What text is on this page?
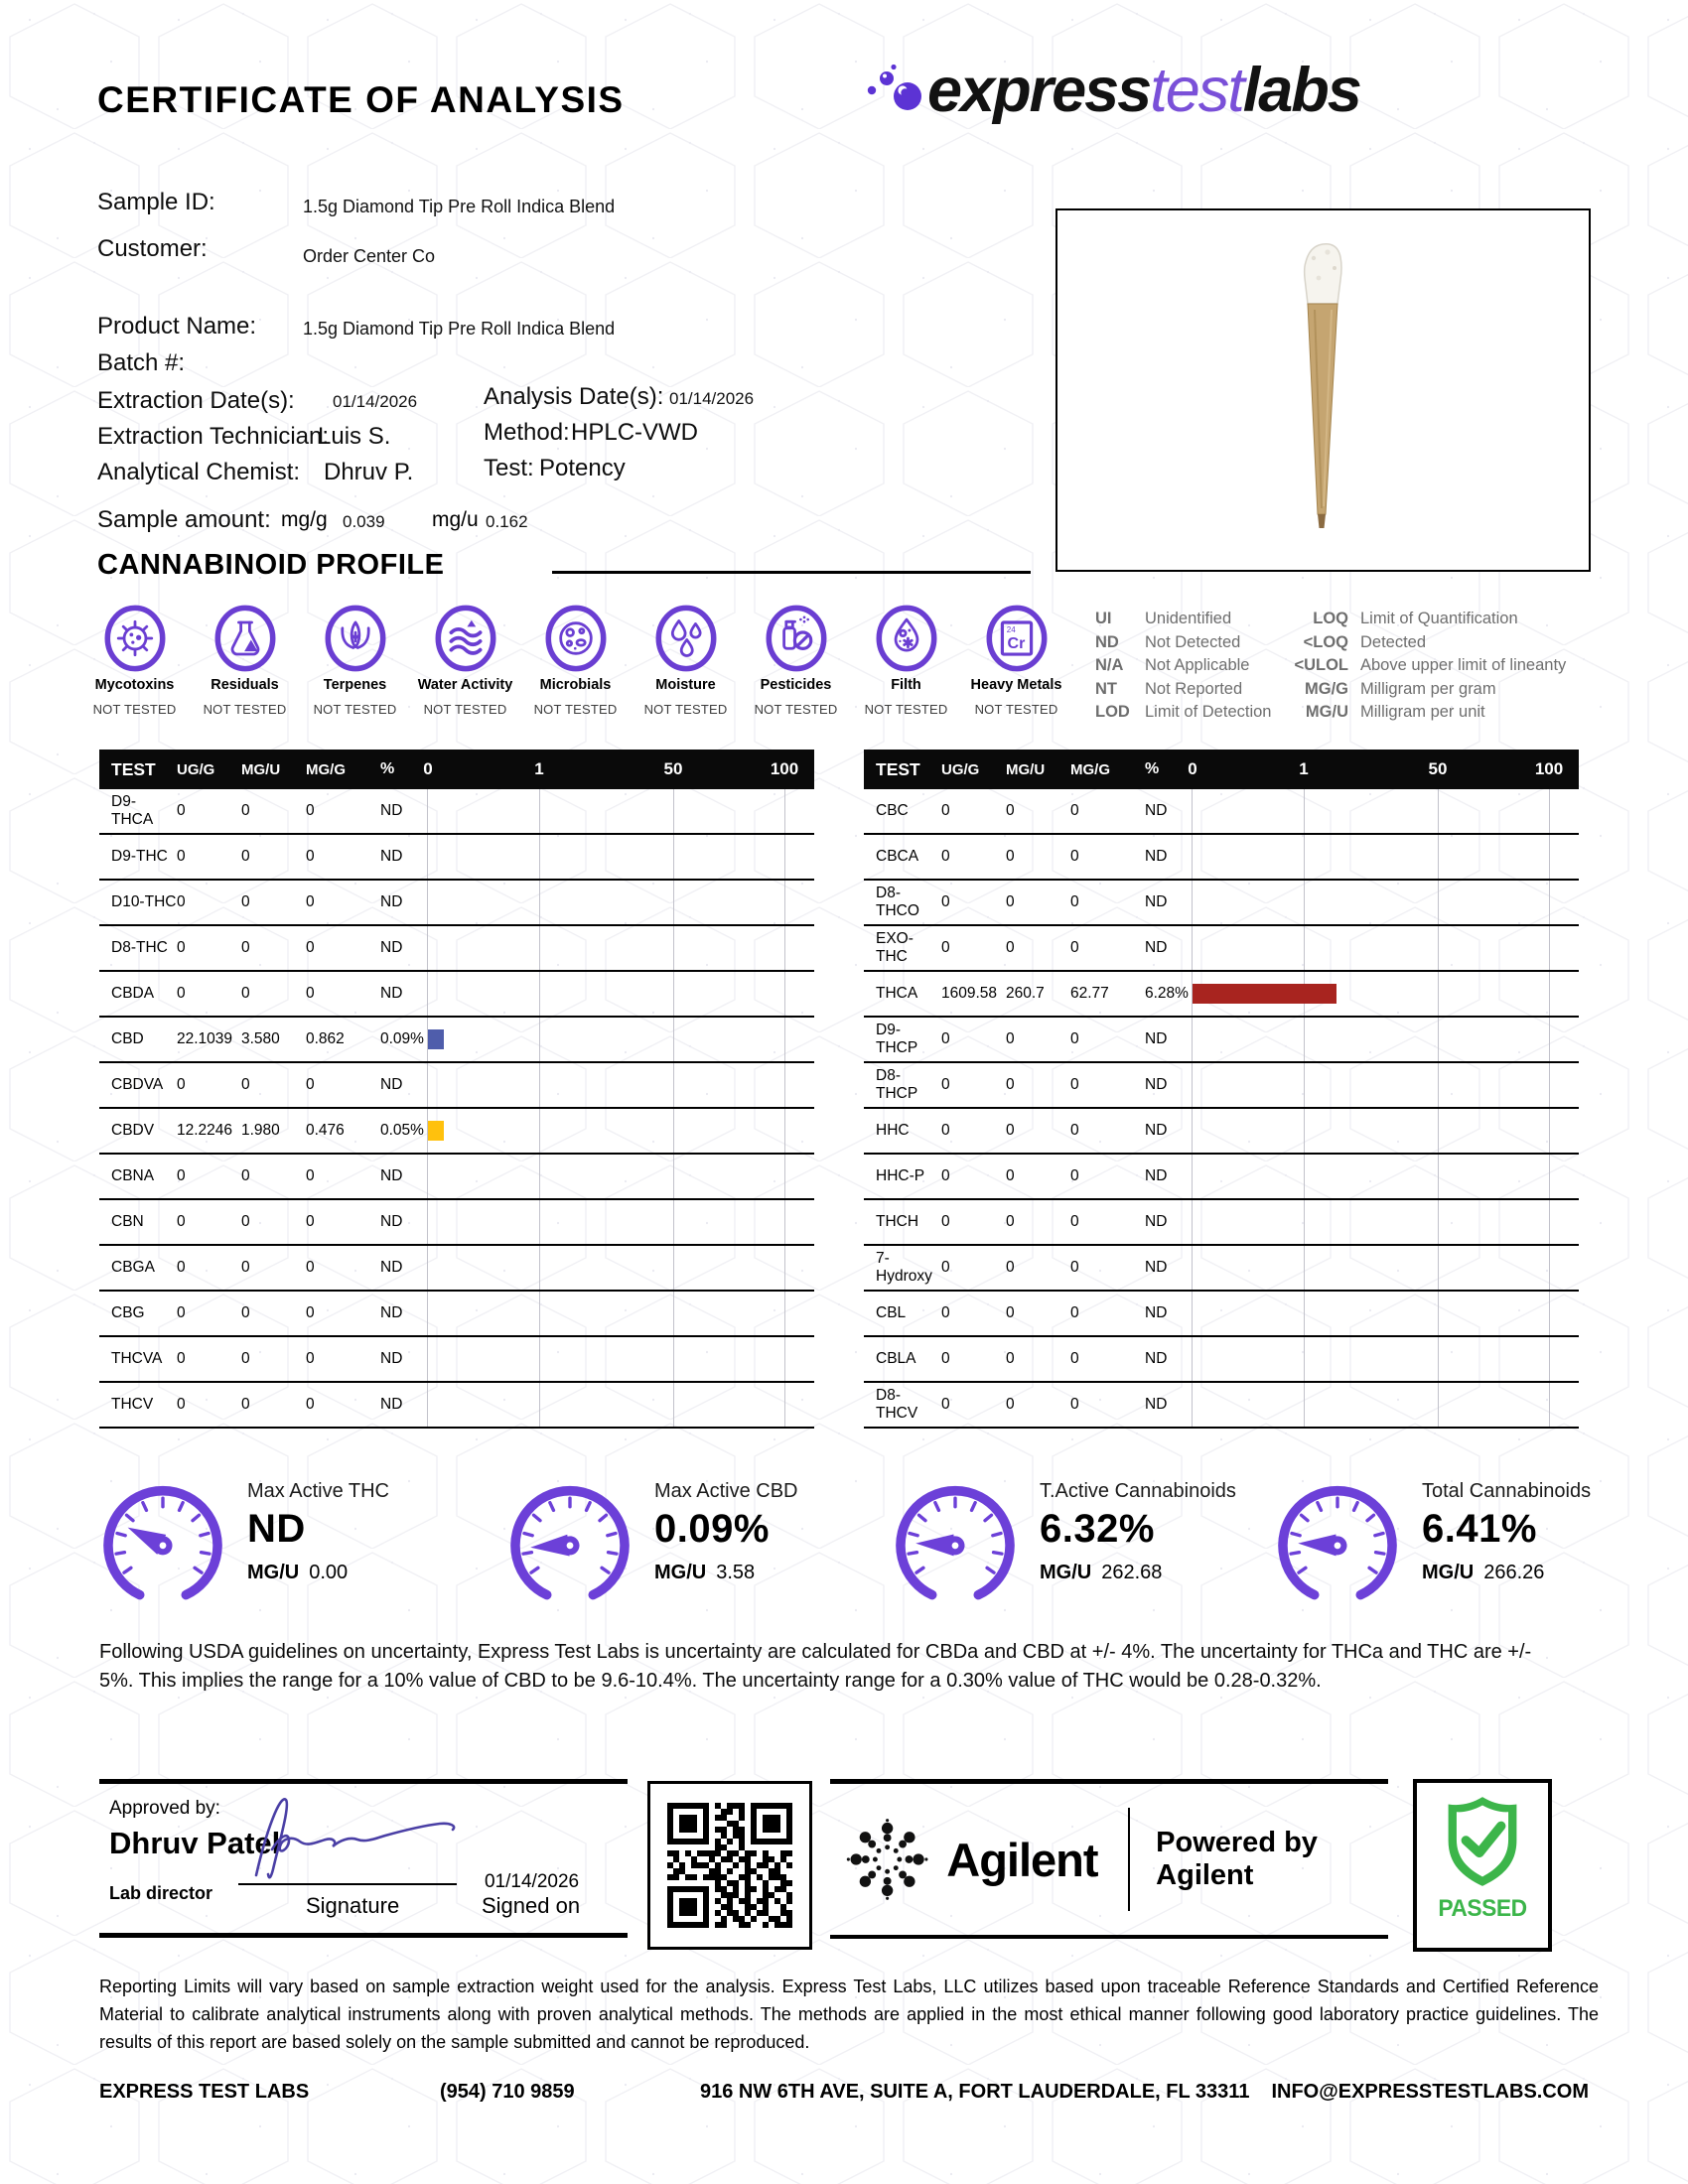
CERTIFICATE OF ANALYSIS	expresstestlabs
Sample ID:	1.5g Diamond Tip Pre Roll Indica Blend
Customer:	Order Center Co
Product Name:	1.5g Diamond Tip Pre Roll Indica Blend
Batch #:
Extraction Date(s): 01/14/2026	Analysis Date(s): 01/14/2026
Extraction Technician:
Luis S.	Method: HPLC-VWD
Analytical Chemist: Dhruv P.	Test: Potency
Sample amount: mg/g 0.039 mg/u 0.162
CANNABINOID PROFILE
Mycotoxins
NOT TESTED
Residuals
NOT TESTED
Terpenes
NOT TESTED
Water Activity
NOT TESTED
Microbials
NOT TESTED
Moisture
NOT TESTED
Pesticides
NOT TESTED
Filth
NOT TESTED
Cr
24
Heavy Metals
NOT TESTED
UI	Unidentified
ND	Not Detected
N/A	Not Applicable
NT	Not Reported
LOD Limit of Detection
LOQ Limit of Quantification
<LOQ Detected
<ULOL Above upper limit of lineanty
MG/G Milligram per gram
MG/U Milligram per unit
TEST	UG/G	MG/U	MG/G	%	0	1	50	100
D9-THCA
0	0	0	ND
D9-THC 0	0	0	ND
D10-THC 0	0	0	ND
D8-THC 0	0	0	ND
CBDA	0	0	0	ND
CBD	22.1039 3.580	0.862	0.09%
CBDVA 0	0	0	ND
CBDV	12.2246 1.980	0.476	0.05%
CBNA	0	0	0	ND
CBN	0	0	0	ND
CBGA	0	0	0	ND
CBG	0	0	0	ND
THCVA 0	0	0	ND
THCV	0	0	0	ND
TEST	UG/G	MG/U	MG/G	%	0	1	50	100
CBC	0	0	0	ND
CBCA	0	0	0	ND
D8-THCO
0	0	0	ND
EXO-THC
0	0	0	ND
THCA	1609.58 260.7	62.77	6.28%
D9-THCP
0	0	0	ND
D8-THCP
0	0	0	ND
HHC	0	0	0	ND
HHC-P	0	0	0	ND
THCH	0	0	0	ND
7-Hydroxy
0	0	0	ND
CBL	0	0	0	ND
CBLA	0	0	0	ND
D8-THCV
0	0	0	ND
Max Active THC
ND
MG/U 0.00
Max Active CBD
0.09%
MG/U 3.58
T.Active Cannabinoids
6.32%
MG/U 262.68
Total Cannabinoids
6.41%
MG/U 266.26
Following USDA guidelines on uncertainty, Express Test Labs is uncertainty are calculated for CBDa and CBD at +/- 4%. The uncertainty for THCa and THC are +/- 5%. This implies the range for a 10% value of CBD to be 9.6-10.4%. The uncertainty range for a 0.30% value of THC would be 0.28-0.32%.
Approved by:
Dhruv Patel
Lab director	Signature
01/14/2026
Signed on
Agilent Powered by Agilent
PASSED
Reporting Limits will vary based on sample extraction weight used for the analysis. Express Test Labs, LLC utilizes based upon traceable Reference Standards and Certified Reference Material to calibrate analytical instruments along with proven analytical methods. The methods are applied in the most ethical manner following good laboratory practice guidelines. The results of this report are based solely on the sample submitted and cannot be reproduced.
EXPRESS TEST LABS	(954) 710 9859	916 NW 6TH AVE, SUITE A, FORT LAUDERDALE, FL 33311 INFO@EXPRESSTESTLABS.COM
